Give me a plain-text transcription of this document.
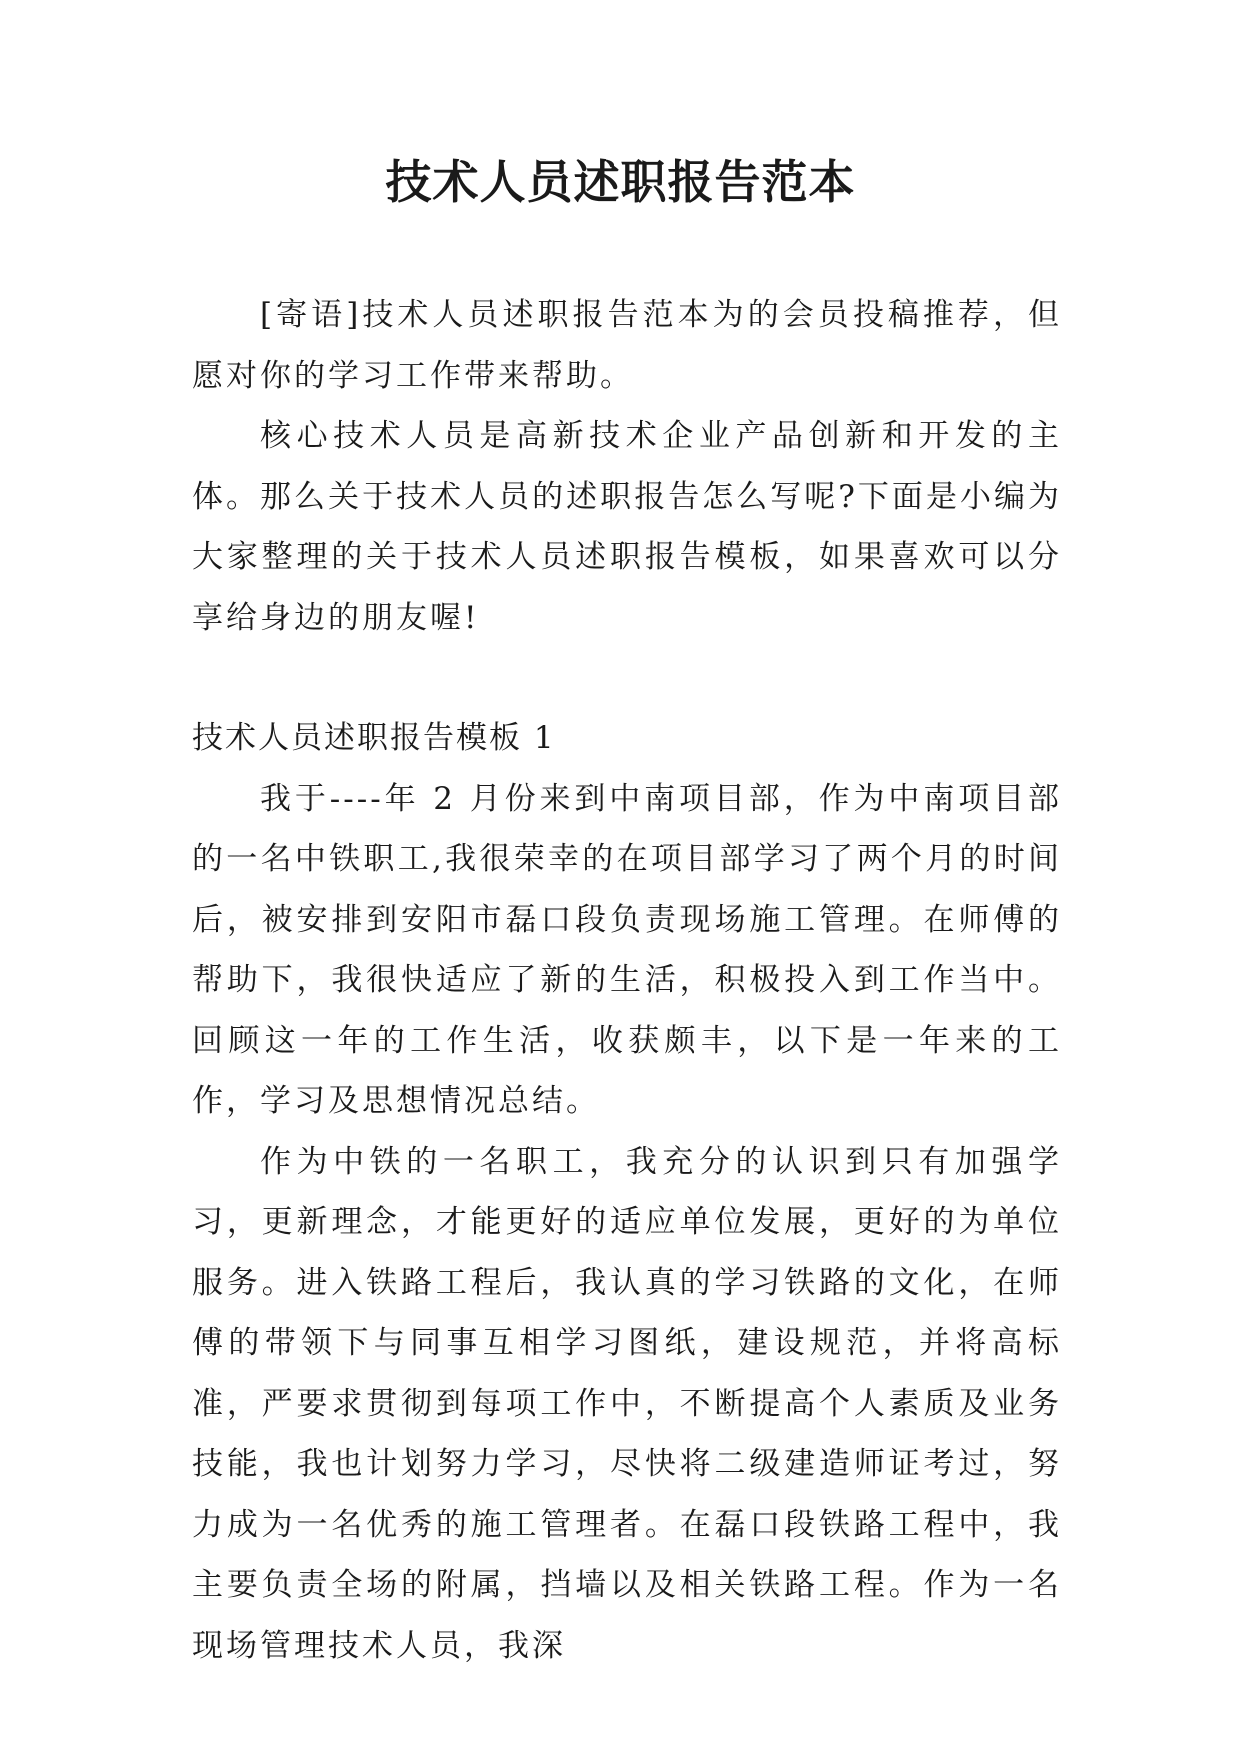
技术人员述职报告范本

[寄语]技术人员述职报告范本为的会员投稿推荐，但愿对你的学习工作带来帮助。

核心技术人员是高新技术企业产品创新和开发的主体。那么关于技术人员的述职报告怎么写呢?下面是小编为大家整理的关于技术人员述职报告模板，如果喜欢可以分享给身边的朋友喔!

技术人员述职报告模板 1

我于----年 2 月份来到中南项目部，作为中南项目部的一名中铁职工,我很荣幸的在项目部学习了两个月的时间后，被安排到安阳市磊口段负责现场施工管理。在师傅的帮助下，我很快适应了新的生活，积极投入到工作当中。回顾这一年的工作生活，收获颇丰，以下是一年来的工作，学习及思想情况总结。

作为中铁的一名职工，我充分的认识到只有加强学习，更新理念，才能更好的适应单位发展，更好的为单位服务。进入铁路工程后，我认真的学习铁路的文化，在师傅的带领下与同事互相学习图纸，建设规范，并将高标准，严要求贯彻到每项工作中，不断提高个人素质及业务技能，我也计划努力学习，尽快将二级建造师证考过，努力成为一名优秀的施工管理者。在磊口段铁路工程中，我主要负责全场的附属，挡墙以及相关铁路工程。作为一名现场管理技术人员，我深
